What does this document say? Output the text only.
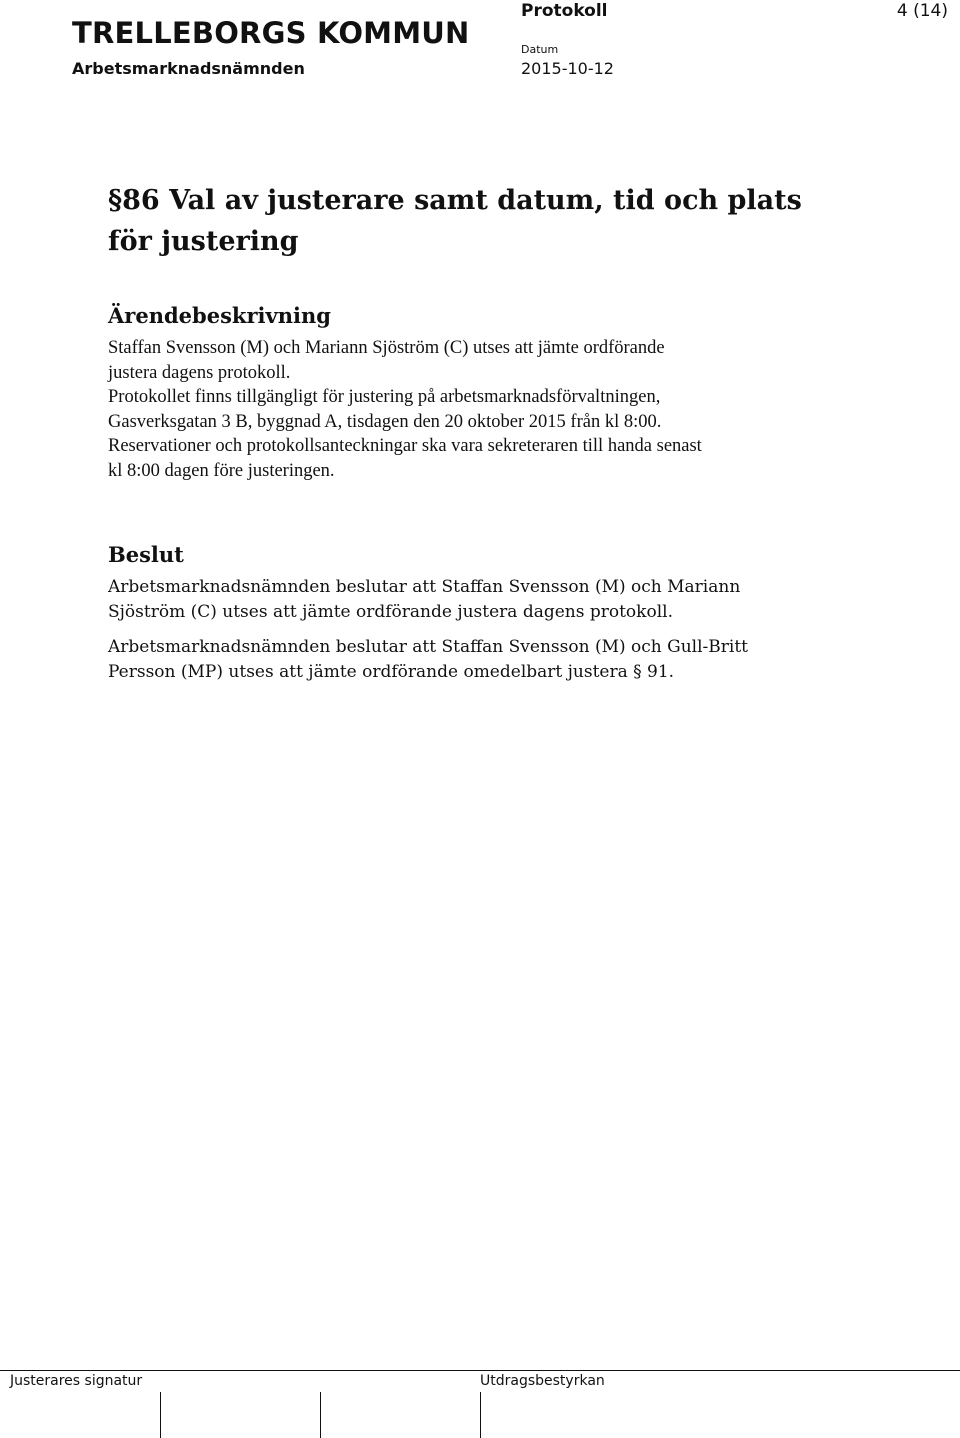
TRELLEBORGS KOMMUN
Arbetsmarknadsnämnden
Protokoll	4 (14)
Datum
2015-10-12
§86 Val av justerare samt datum, tid och plats för justering
Ärendebeskrivning

Staffan Svensson (M) och Mariann Sjöström (C) utses att jämte ordförande
justera dagens protokoll.
Protokollet finns tillgängligt för justering på arbetsmarknadsförvaltningen,
Gasverksgatan 3 B, byggnad A, tisdagen den 20 oktober 2015 från kl 8:00.
Reservationer och protokollsanteckningar ska vara sekreteraren till handa senast
kl 8:00 dagen före justeringen.

Beslut

Arbetsmarknadsnämnden beslutar att Staffan Svensson (M) och Mariann
Sjöström (C) utses att jämte ordförande justera dagens protokoll.

Arbetsmarknadsnämnden beslutar att Staffan Svensson (M) och Gull-Britt
Persson (MP) utses att jämte ordförande omedelbart justera § 91.

Justerares signatur	Utdragsbestyrkan
